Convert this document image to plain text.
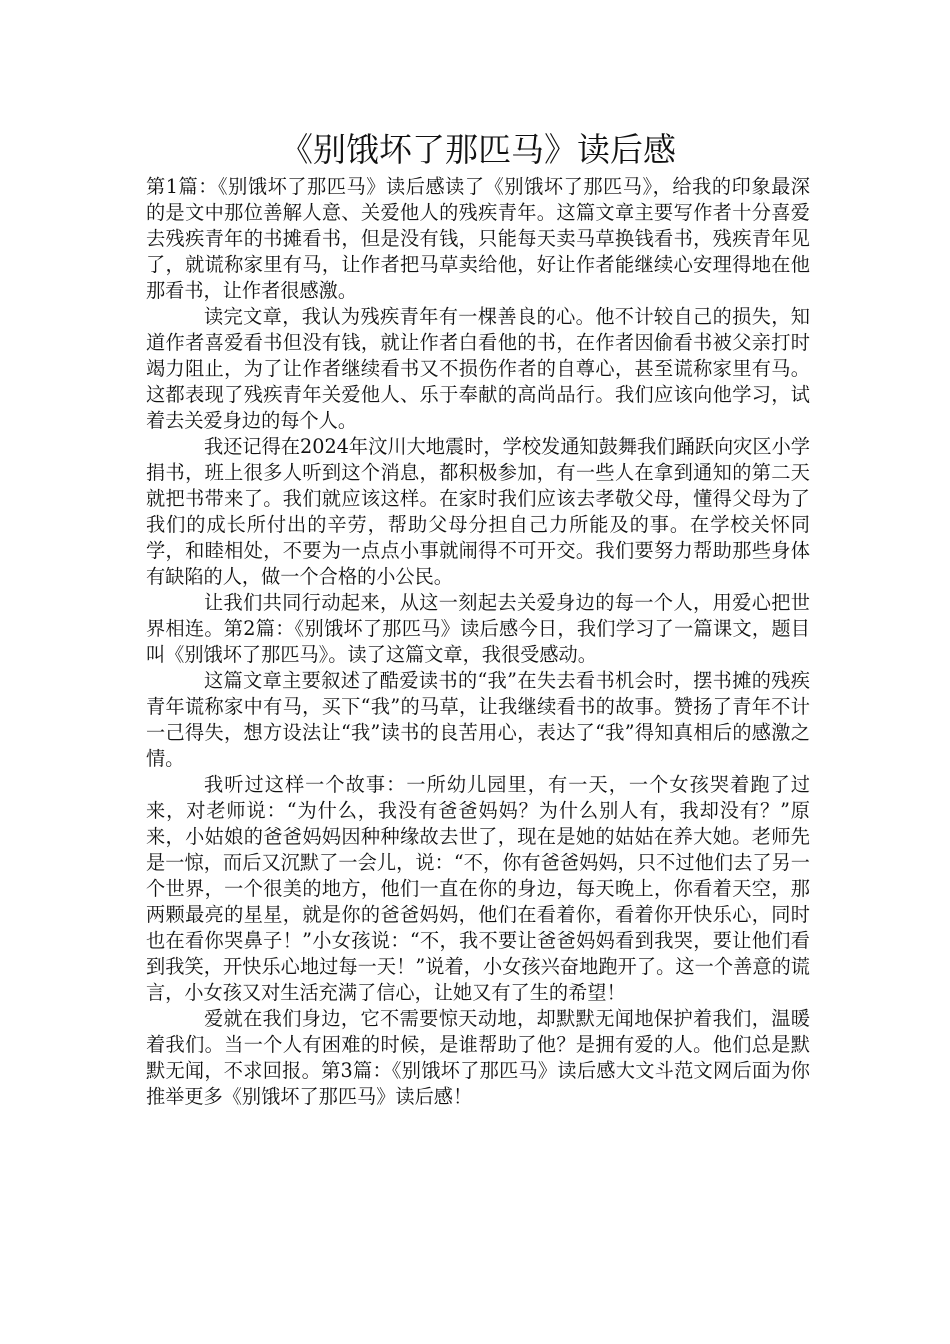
《别饿坏了那匹马》读后感

第1篇：《别饿坏了那匹马》读后感读了《别饿坏了那匹马》，给我的印象最深的是文中那位善解人意、关爱他人的残疾青年。这篇文章主要写作者十分喜爱去残疾青年的书摊看书，但是没有钱，只能每天卖马草换钱看书，残疾青年见了，就谎称家里有马，让作者把马草卖给他，好让作者能继续心安理得地在他那看书，让作者很感激。

读完文章，我认为残疾青年有一棵善良的心。他不计较自己的损失，知道作者喜爱看书但没有钱，就让作者白看他的书，在作者因偷看书被父亲打时竭力阻止，为了让作者继续看书又不损伤作者的自尊心，甚至谎称家里有马。这都表现了残疾青年关爱他人、乐于奉献的高尚品行。我们应该向他学习，试着去关爱身边的每个人。

我还记得在2024年汶川大地震时，学校发通知鼓舞我们踊跃向灾区小学捐书，班上很多人听到这个消息，都积极参加，有一些人在拿到通知的第二天就把书带来了。我们就应该这样。在家时我们应该去孝敬父母，懂得父母为了我们的成长所付出的辛劳，帮助父母分担自己力所能及的事。在学校关怀同学，和睦相处，不要为一点点小事就闹得不可开交。我们要努力帮助那些身体有缺陷的人，做一个合格的小公民。

让我们共同行动起来，从这一刻起去关爱身边的每一个人，用爱心把世界相连。第2篇：《别饿坏了那匹马》读后感今日，我们学习了一篇课文，题目叫《别饿坏了那匹马》。读了这篇文章，我很受感动。

这篇文章主要叙述了酷爱读书的“我”在失去看书机会时，摆书摊的残疾青年谎称家中有马，买下“我”的马草，让我继续看书的故事。赞扬了青年不计一己得失，想方设法让“我”读书的良苦用心，表达了“我”得知真相后的感激之情。

我听过这样一个故事：一所幼儿园里，有一天，一个女孩哭着跑了过来，对老师说：“为什么，我没有爸爸妈妈？为什么别人有，我却没有？”原来，小姑娘的爸爸妈妈因种种缘故去世了，现在是她的姑姑在养大她。老师先是一惊，而后又沉默了一会儿，说：“不，你有爸爸妈妈，只不过他们去了另一个世界，一个很美的地方，他们一直在你的身边，每天晚上，你看着天空，那两颗最亮的星星，就是你的爸爸妈妈，他们在看着你，看着你开快乐心，同时也在看你哭鼻子！”小女孩说：“不，我不要让爸爸妈妈看到我哭，要让他们看到我笑，开快乐心地过每一天！”说着，小女孩兴奋地跑开了。这一个善意的谎言，小女孩又对生活充满了信心，让她又有了生的希望！

爱就在我们身边，它不需要惊天动地，却默默无闻地保护着我们，温暖着我们。当一个人有困难的时候，是谁帮助了他？是拥有爱的人。他们总是默默无闻，不求回报。第3篇：《别饿坏了那匹马》读后感大文斗范文网后面为你推举更多《别饿坏了那匹马》读后感！
